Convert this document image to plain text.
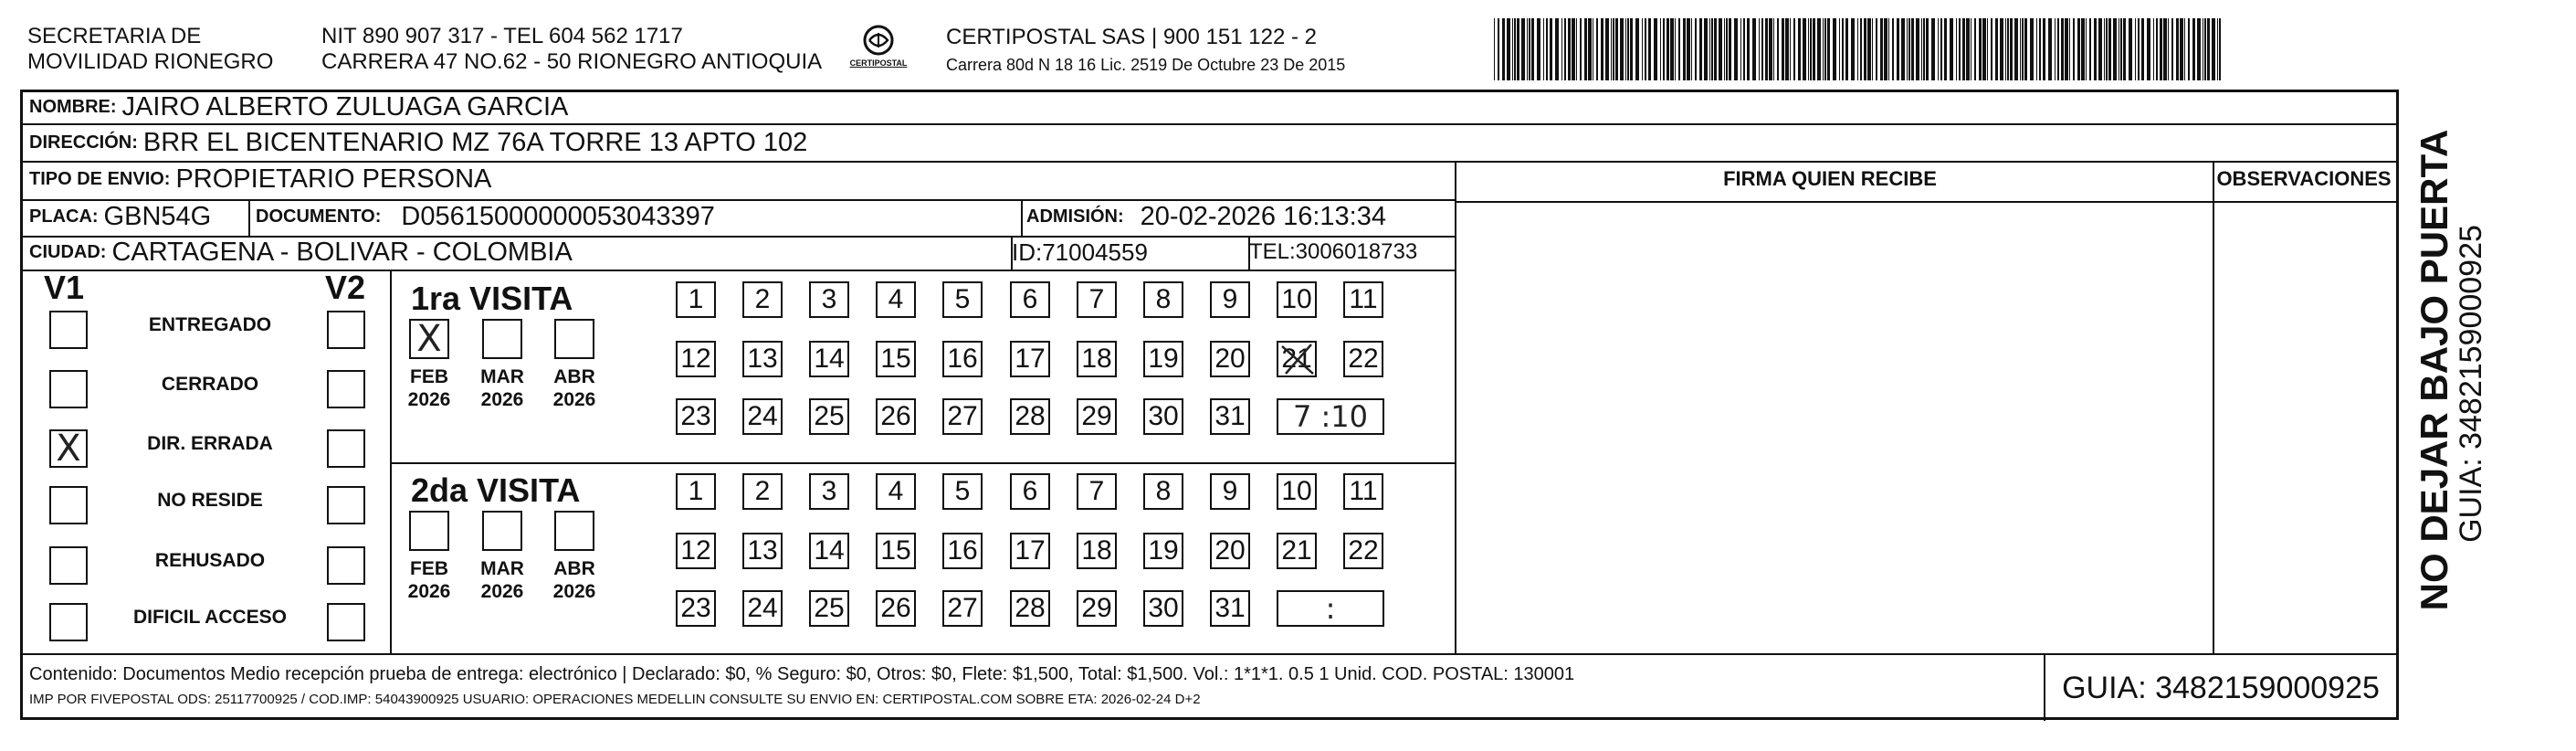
SECRETARIA DE
MOVILIDAD RIONEGRO
NIT 890 907 317 - TEL 604 562 1717
CARRERA 47 NO.62 - 50 RIONEGRO ANTIOQUIA	CERTIPOSTAL
CERTIPOSTAL SAS | 900 151 122 - 2
Carrera 80d N 18 16 Lic. 2519 De Octubre 23 De 2015
NOMBRE: JAIRO ALBERTO ZULUAGA GARCIA
DIRECCIÓN: BRR EL BICENTENARIO MZ 76A TORRE 13 APTO 102
TIPO DE ENVIO: PROPIETARIO PERSONA	FIRMA QUIEN RECIBE	OBSERVACIONES
PLACA: GBN54G DOCUMENTO: D05615000000053043397	ADMISIÓN: 20-02-2026 16:13:34
CIUDAD: CARTAGENA - BOLIVAR - COLOMBIA	ID:71004559	TEL:3006018733
V1	V2
ENTREGADO
CERRADO
X	DIR. ERRADA
NO RESIDE
REHUSADO
DIFICIL ACCESO
1ra VISITA
2da VISITA
X
FEB
2026
MAR
2026
ABR
2026
1	2	3	4	5	6	7	8	9	10 11
12 13 14 15 16 17 18 19 20 21 22
23 24 25 26 27 28 29 30 31	7 :10
FEB
2026
MAR
2026
ABR
2026
1	2	3	4	5	6	7	8	9	10 11
12 13 14 15 16 17 18 19 20 21 22
23 24 25 26 27 28 29 30 31	:
Contenido: Documentos Medio recepción prueba de entrega: electrónico | Declarado: $0, % Seguro: $0, Otros: $0, Flete: $1,500, Total: $1,500. Vol.: 1*1*1. 0.5 1 Unid. COD. POSTAL: 130001
IMP POR FIVEPOSTAL ODS: 25117700925 / COD.IMP: 54043900925 USUARIO: OPERACIONES MEDELLIN CONSULTE SU ENVIO EN: CERTIPOSTAL.COM SOBRE ETA: 2026-02-24 D+2	GUIA: 3482159000925
NO DEJAR BAJO PUERTA
GUIA: 3482159000925
